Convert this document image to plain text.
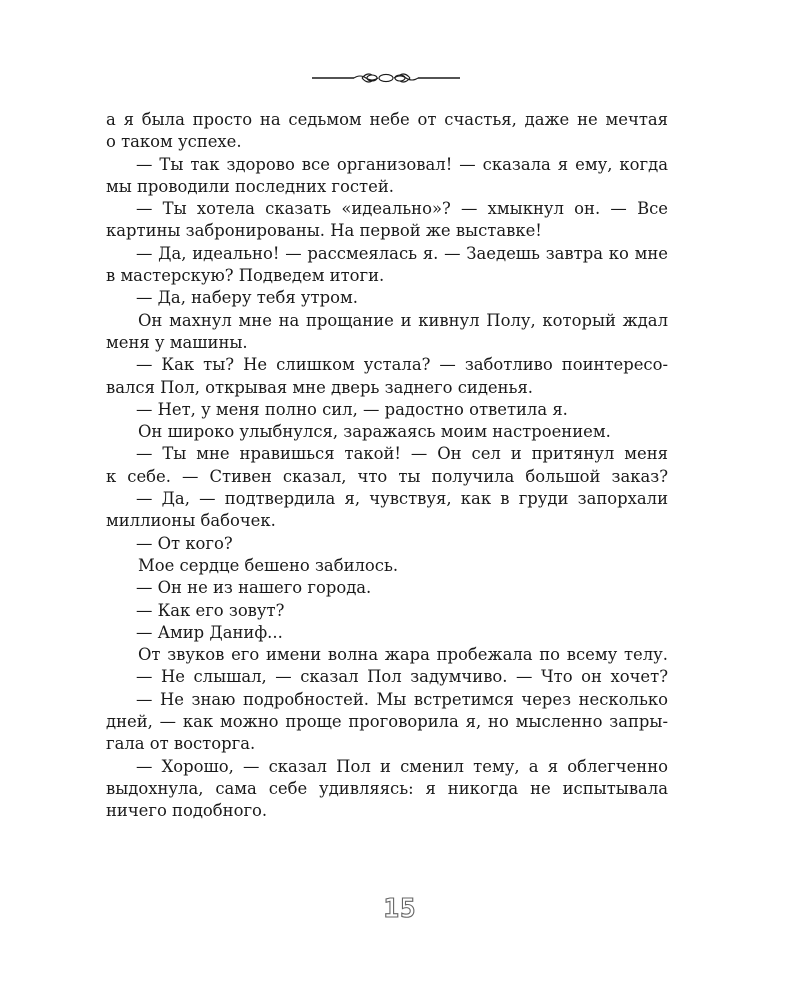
а я была просто на седьмом небе от счастья, даже не мечтая
о таком успехе.
— Ты так здорово все организовал! — сказала я ему, когда
мы проводили последних гостей.
— Ты хотела сказать «идеально»? — хмыкнул он. — Все
картины забронированы. На первой же выставке!
— Да, идеально! — рассмеялась я. — Заедешь завтра ко мне
в мастерскую? Подведем итоги.
— Да, наберу тебя утром.
Он махнул мне на прощание и кивнул Полу, который ждал
меня у машины.
— Как ты? Не слишком устала? — заботливо поинтересо-
вался Пол, открывая мне дверь заднего сиденья.
— Нет, у меня полно сил, — радостно ответила я.
Он широко улыбнулся, заражаясь моим настроением.
— Ты мне нравишься такой! — Он сел и притянул меня
к себе. — Стивен сказал, что ты получила большой заказ?
— Да, — подтвердила я, чувствуя, как в груди запорхали
миллионы бабочек.
— От кого?
Мое сердце бешено забилось.
— Он не из нашего города.
— Как его зовут?
— Амир Даниф...
От звуков его имени волна жара пробежала по всему телу.
— Не слышал, — сказал Пол задумчиво. — Что он хочет?
— Не знаю подробностей. Мы встретимся через несколько
дней, — как можно проще проговорила я, но мысленно запры-
гала от восторга.
— Хорошо, — сказал Пол и сменил тему, а я облегченно
выдохнула, сама себе удивляясь: я никогда не испытывала
ничего подобного.
15
